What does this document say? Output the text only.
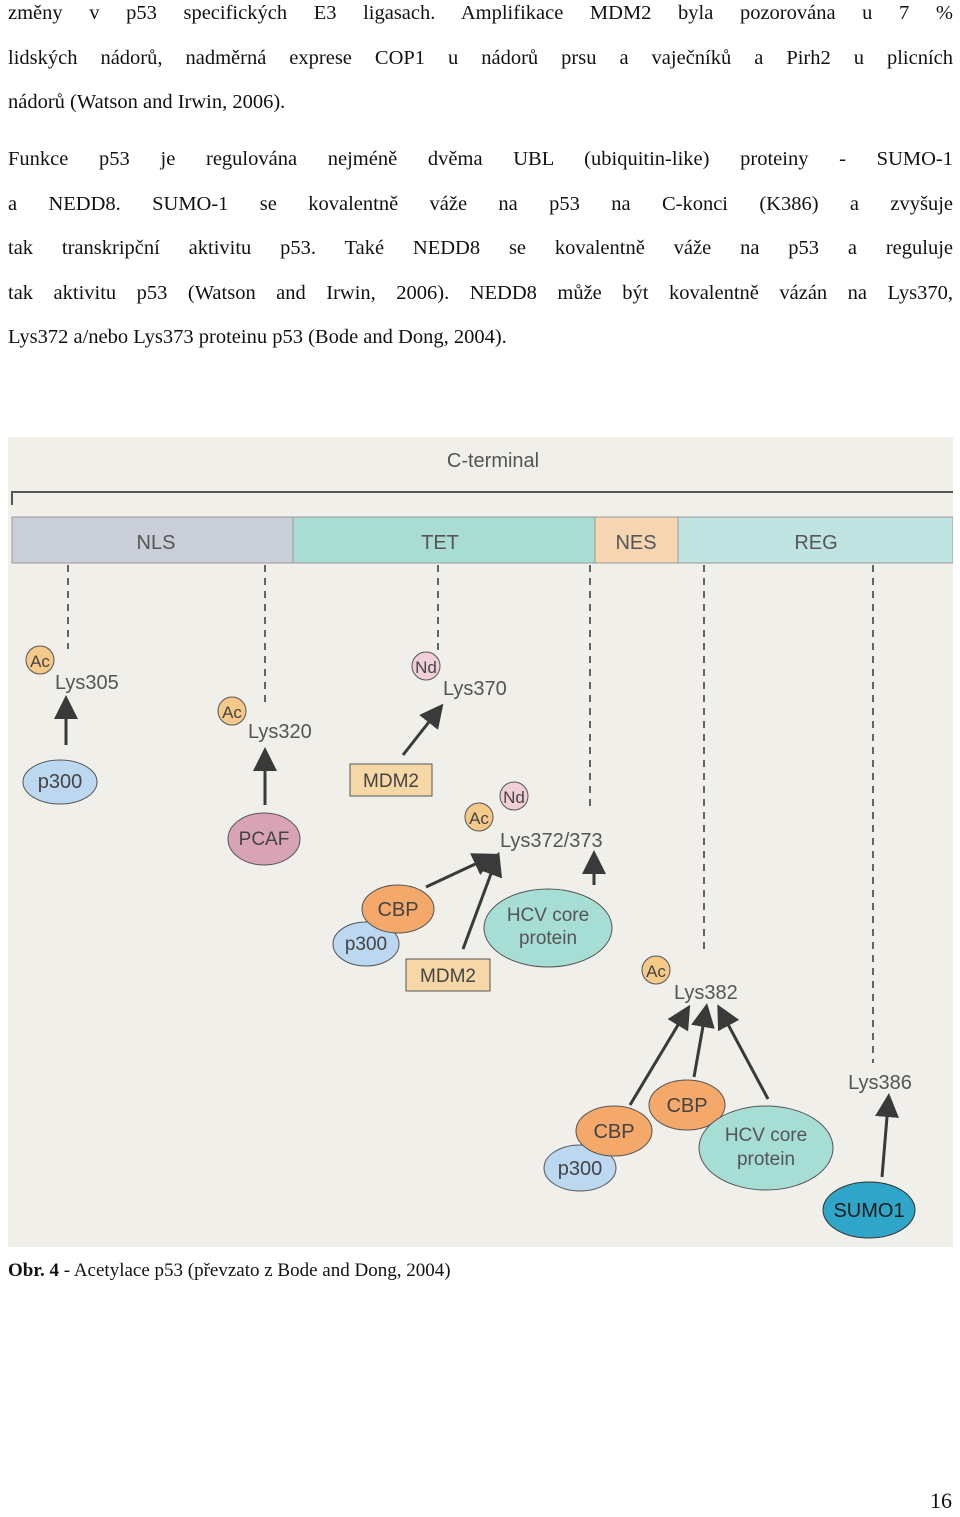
změny v p53 specifických E3 ligasach. Amplifikace MDM2 byla pozorována u 7 %
lidských nádorů, nadměrná exprese COP1 u nádorů prsu a vaječníků a Pirh2 u plicních
nádorů (Watson and Irwin, 2006).
Funkce p53 je regulována nejméně dvěma UBL (ubiquitin-like) proteiny - SUMO-1
a NEDD8. SUMO-1 se kovalentně váže na p53 na C-konci (K386) a zvyšuje
tak transkripční aktivitu p53. Také NEDD8 se kovalentně váže na p53 a reguluje
tak aktivitu p53 (Watson and Irwin, 2006). NEDD8 může být kovalentně vázán na Lys370,
Lys372 a/nebo Lys373 proteinu p53 (Bode and Dong, 2004).
C-terminal
NLS	TET	NES	REG
Ac
Lys305
p300
Ac
Lys320
PCAF
Nd
Lys370
MDM2
Nd
Ac
Lys372/373
p300
CBP
MDM2
HCV core
protein
Ac
Lys382
p300
CBP
CBP
HCV core
protein
Lys386
SUMO1
Obr. 4 - Acetylace p53 (převzato z Bode and Dong, 2004)
16
